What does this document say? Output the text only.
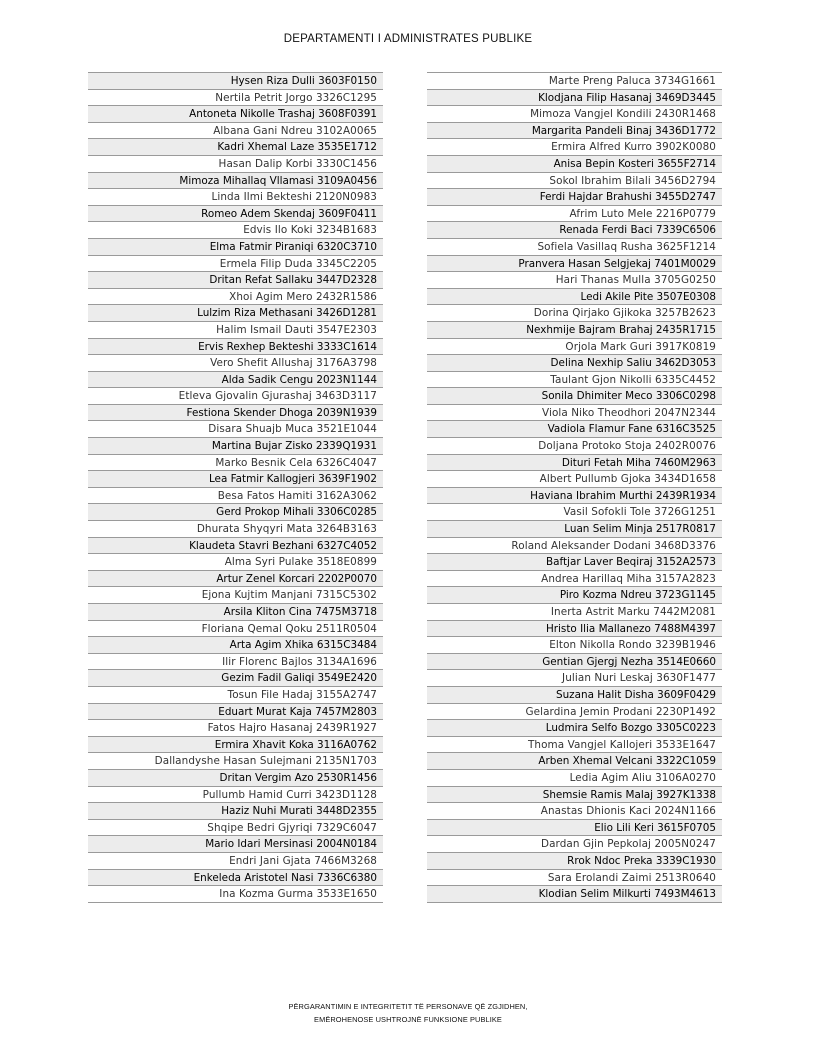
DEPARTAMENTI I ADMINISTRATES PUBLIKE
Hysen Riza Dulli 3603F0150
Nertila Petrit Jorgo 3326C1295
Antoneta Nikolle Trashaj 3608F0391
Albana Gani Ndreu 3102A0065
Kadri Xhemal Laze 3535E1712
Hasan Dalip Korbi 3330C1456
Mimoza Mihallaq Vllamasi 3109A0456
Linda Ilmi Bekteshi 2120N0983
Romeo Adem Skendaj 3609F0411
Edvis Ilo Koki 3234B1683
Elma Fatmir Piraniqi 6320C3710
Ermela Filip Duda 3345C2205
Dritan Refat Sallaku 3447D2328
Xhoi Agim Mero 2432R1586
Lulzim Riza Methasani 3426D1281
Halim Ismail Dauti 3547E2303
Ervis Rexhep Bekteshi 3333C1614
Vero Shefit Allushaj 3176A3798
Alda Sadik Cengu 2023N1144
Etleva Gjovalin Gjurashaj 3463D3117
Festiona Skender Dhoga 2039N1939
Disara Shuajb Muca 3521E1044
Martina Bujar Zisko 2339Q1931
Marko Besnik Cela 6326C4047
Lea Fatmir Kallogjeri 3639F1902
Besa Fatos Hamiti 3162A3062
Gerd Prokop Mihali 3306C0285
Dhurata Shyqyri Mata 3264B3163
Klaudeta Stavri Bezhani 6327C4052
Alma Syri Pulake 3518E0899
Artur Zenel Korcari 2202P0070
Ejona Kujtim Manjani 7315C5302
Arsila Kliton Cina 7475M3718
Floriana Qemal Qoku 2511R0504
Arta Agim Xhika 6315C3484
Ilir Florenc Bajlos 3134A1696
Gezim Fadil Galiqi 3549E2420
Tosun File Hadaj 3155A2747
Eduart Murat Kaja 7457M2803
Fatos Hajro Hasanaj 2439R1927
Ermira Xhavit Koka 3116A0762
Dallandyshe Hasan Sulejmani 2135N1703
Dritan Vergim Azo 2530R1456
Pullumb Hamid Curri 3423D1128
Haziz Nuhi Murati 3448D2355
Shqipe Bedri Gjyriqi 7329C6047
Mario Idari Mersinasi 2004N0184
Endri Jani Gjata 7466M3268
Enkeleda Aristotel Nasi 7336C6380
Ina Kozma Gurma 3533E1650
Marte Preng Paluca 3734G1661
Klodjana Filip Hasanaj 3469D3445
Mimoza Vangjel Kondili 2430R1468
Margarita Pandeli Binaj 3436D1772
Ermira Alfred Kurro 3902K0080
Anisa Bepin Kosteri 3655F2714
Sokol Ibrahim Bilali 3456D2794
Ferdi Hajdar Brahushi 3455D2747
Afrim Luto Mele 2216P0779
Renada Ferdi Baci 7339C6506
Sofiela Vasillaq Rusha 3625F1214
Pranvera Hasan Selgjekaj 7401M0029
Hari Thanas Mulla 3705G0250
Ledi Akile Pite 3507E0308
Dorina Qirjako Gjikoka 3257B2623
Nexhmije Bajram Brahaj 2435R1715
Orjola Mark Guri 3917K0819
Delina Nexhip Saliu 3462D3053
Taulant Gjon Nikolli 6335C4452
Sonila Dhimiter Meco 3306C0298
Viola Niko Theodhori 2047N2344
Vadiola Flamur Fane 6316C3525
Doljana Protoko Stoja 2402R0076
Dituri Fetah Miha 7460M2963
Albert Pullumb Gjoka 3434D1658
Haviana Ibrahim Murthi 2439R1934
Vasil Sofokli Tole 3726G1251
Luan Selim Minja 2517R0817
Roland Aleksander Dodani 3468D3376
Baftjar Laver Beqiraj 3152A2573
Andrea Harillaq Miha 3157A2823
Piro Kozma Ndreu 3723G1145
Inerta Astrit Marku 7442M2081
Hristo Ilia Mallanezo 7488M4397
Elton Nikolla Rondo 3239B1946
Gentian Gjergj Nezha 3514E0660
Julian Nuri Leskaj 3630F1477
Suzana Halit Disha 3609F0429
Gelardina Jemin Prodani 2230P1492
Ludmira Selfo Bozgo 3305C0223
Thoma Vangjel Kallojeri 3533E1647
Arben Xhemal Velcani 3322C1059
Ledia Agim Aliu 3106A0270
Shemsie Ramis Malaj 3927K1338
Anastas Dhionis Kaci 2024N1166
Elio Lili Keri 3615F0705
Dardan Gjin Pepkolaj 2005N0247
Rrok Ndoc Preka 3339C1930
Sara Erolandi Zaimi 2513R0640
Klodian Selim Milkurti 7493M4613
PËRGARANTIMIN E INTEGRITETIT TË PERSONAVE QË ZGJIDHEN,
EMËROHENOSE USHTROJNË FUNKSIONE PUBLIKE
